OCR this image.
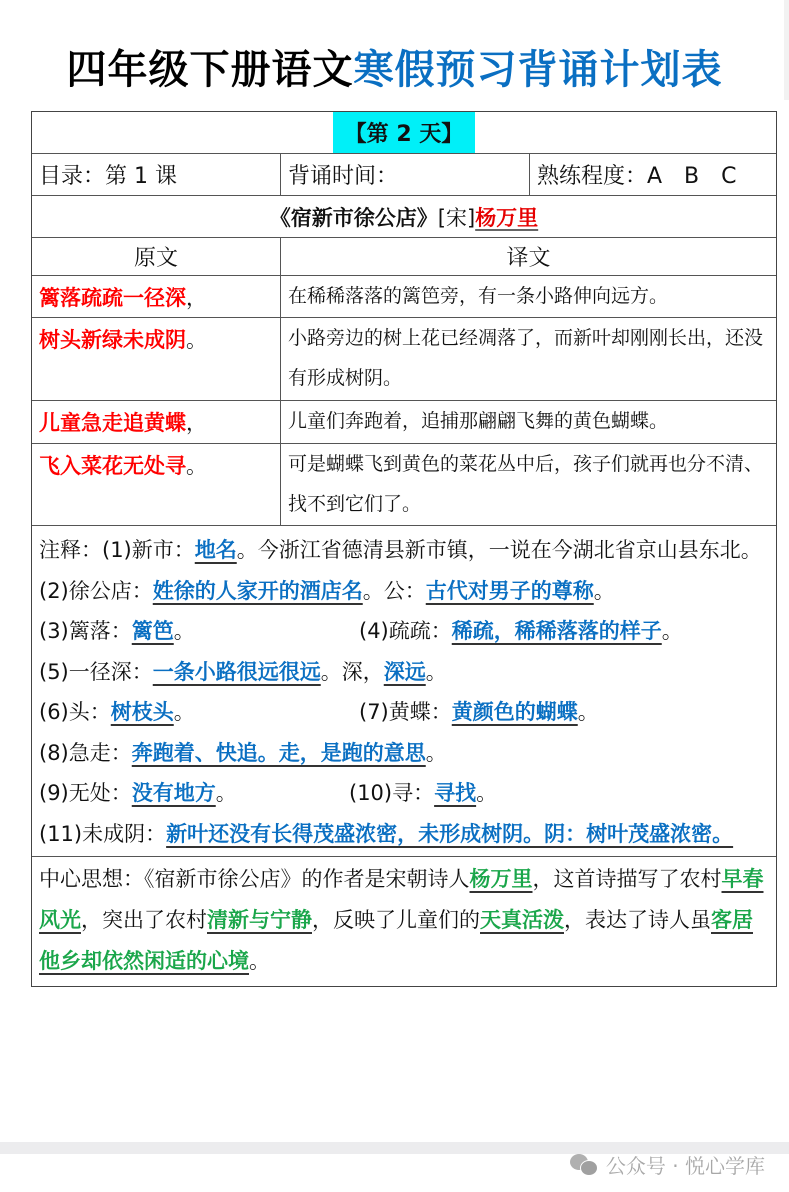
四年级下册语文寒假预习背诵计划表
【第 2 天】
目录：第 1 课	背诵时间：	熟练程度：A　B　C
《宿新市徐公店》 [宋] 杨万里
原文	译文
篱落疏疏一径深 ，	在稀稀落落的篱笆旁，有一条小路伸向远方。
树头新绿未成阴 。	小路旁边的树上花已经凋落了，而新叶却刚刚长出，还没有形成树阴。
儿童急走追黄蝶 ，	儿童们奔跑着，追捕那翩翩飞舞的黄色蝴蝶。
飞入菜花无处寻 。	可是蝴蝶飞到黄色的菜花丛中后，孩子们就再也分不清、找不到它们了。
注释：(1)新市：地名。今浙江省德清县新市镇，一说在今湖北省京山县东北。
(2)徐公店：姓徐的人家开的酒店名。公：古代对男子的尊称。
(3)篱落：篱笆。	(4)疏疏：稀疏，稀稀落落的样子。
(5)一径深：一条小路很远很远。深，深远。
(6)头：树枝头。	(7)黄蝶：黄颜色的蝴蝶。
(8)急走：奔跑着、快追。走，是跑的意思。
(9)无处：没有地方。	(10)寻：寻找。
(11)未成阴：新叶还没有长得茂盛浓密，未形成树阴。阴：树叶茂盛浓密。
中心思想：《宿新市徐公店》的作者是宋朝诗人杨万里，这首诗描写了农村早春风光，突出了农村清新与宁静，反映了儿童们的天真活泼，表达了诗人虽客居他乡却依然闲适的心境。
公众号 · 悦心学库
